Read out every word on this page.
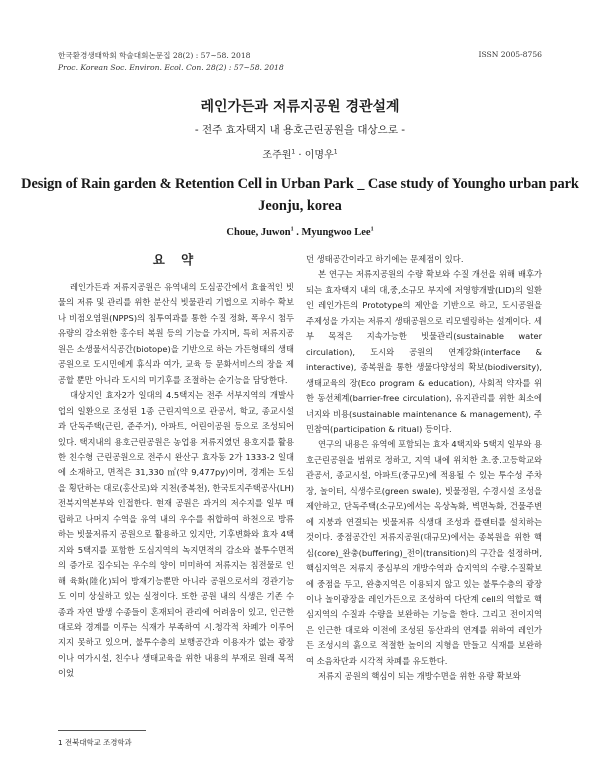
한국환경생태학회 학술대회논문집 28(2) : 57~58. 2018
Proc. Korean Soc. Environ. Ecol. Con. 28(2) : 57~58. 2018
ISSN 2005-8756
레인가든과 저류지공원 경관설계
- 전주 효자택지 내 용호근린공원을 대상으로 -
조주원$^1$ · 이명우$^1$
Design of Rain garden & Retention Cell in Urban Park _ Case study of Youngho urban park
Jeonju, korea
Choue, Juwon$^1$ . Myungwoo Lee$^1$
요 약

레인가든과 저류지공원은 유역내의 도심공간에서 효율적인 빗물의 저류 및 관리를 위한 분산식 빗물관리 기법으로 지하수 확보나 비점오염원(NPPS)의 침투여과를 통한 수질 정화, 폭우시 첨두유량의 감소위한 홍수터 복원 등의 기능을 가지며, 특히 저류지공원은 소생물서식공간(biotope)을 기반으로 하는 가든형태의 생태공원으로 도시민에게 휴식과 여가, 교육 등 문화서비스의 장을 제공할 뿐만 아니라 도시의 미기후를 조절하는 순기능을 담당한다.

대상지인 효자2가 일대의 4.5택지는 전주 서부지역의 개발사업의 일환으로 조성된 1종 근린지역으로 관공서, 학교, 종교시설과 단독주택(근린, 준주거), 아파트, 어린이공원 등으로 조성되어 있다. 택지내의 용호근린공원은 농업용 저류지였던 용호지를 활용한 친수형 근린공원으로 전주시 완산구 효자동 2가 1333-2 일대에 소재하고, 면적은 31,330 ㎡(약 9,477py)이며, 경계는 도심을 횡단하는 대로(홍산로)와 지천(중복천), 한국토지주택공사(LH) 전북지역본부와 인접한다. 현재 공원은 과거의 저수지를 일부 매립하고 나머지 수역을 유역 내의 우수를 취합하여 하천으로 방류하는 빗물저류지 공원으로 활용하고 있지만, 기후변화와 효자 4택지와 5택지를 포함한 도심지역의 녹지면적의 감소와 불투수면적의 증가로 집수되는 우수의 양이 미미하여 저류지는 침전물로 인해 육화(陸化)되어 방재기능뿐만 아니라 공원으로서의 경관기능도 이미 상실하고 있는 실정이다. 또한 공원 내의 식생은 기존 수종과 자연 발생 수종들이 혼재되어 관리에 어려움이 있고, 인근한 대로와 경계를 이루는 식재가 부족하여 시.청각적 차폐가 이루어지지 못하고 있으며, 불투수층의 보행공간과 이용자가 없는 광장이나 여가시설, 친수나 생태교육을 위한 내용의 부재로 원래 목적이었

던 생태공간이라고 하기에는 문제점이 있다.

본 연구는 저류지공원의 수량 확보와 수질 개선을 위해 배후가 되는 효자택지 내의 대,중,소규모 부지에 저영향개발(LID)의 일환인 레인가든의 Prototype의 제안을 기반으로 하고, 도시공원을 주제성을 가지는 저류지 생태공원으로 리모델링하는 설계이다. 세부 목적은 지속가능한 빗물관리(sustainable water circulation), 도시와 공원의 연계강화(interface & interactive), 종복원을 통한 생물다양성의 확보(biodiversity), 생태교육의 장(Eco program & education), 사회적 약자를 위한 동선체계(barrier-free circulation), 유지관리를 위한 최소에너지와 비용(sustainable maintenance & management), 주민참여(participation & ritual) 등이다.

연구의 내용은 유역에 포함되는 효자 4택지와 5택지 일부와 용호근린공원을 범위로 정하고, 지역 내에 위치한 초.중.고등학교와 관공서, 종교시설, 아파트(중규모)에 적용될 수 있는 투수성 주차장, 놀이터, 식생수로(green swale), 빗물정원, 수경시설 조성을 제안하고, 단독주택(소규모)에서는 옥상녹화, 벽면녹화, 건물주변에 지붕과 연결되는 빗물저류 식생대 조성과 플랜터를 설치하는 것이다. 중점공간인 저류지공원(대규모)에서는 종복원을 위한 핵심(core)_완충(buffering)_전이(transition)의 구간을 설정하며, 핵심지역은 저류지 중심부의 개방수역과 습지역의 수량.수질확보에 중점을 두고, 완충지역은 이용되지 않고 있는 불투수층의 광장이나 놀이광장을 레인가든으로 조성하여 다단계 cell의 역할로 핵심지역의 수질과 수량을 보완하는 기능을 한다. 그리고 전이지역은 인근한 대로와 이전에 조성된 동산과의 연계를 위하여 레인가든 조성시의 흙으로 적절한 높이의 지형을 만들고 식재를 보완하여 소음차단과 시각적 차폐를 유도한다.

저류지 공원의 핵심이 되는 개방수면을 위한 유량 확보와

1 전북대학교 조경학과
